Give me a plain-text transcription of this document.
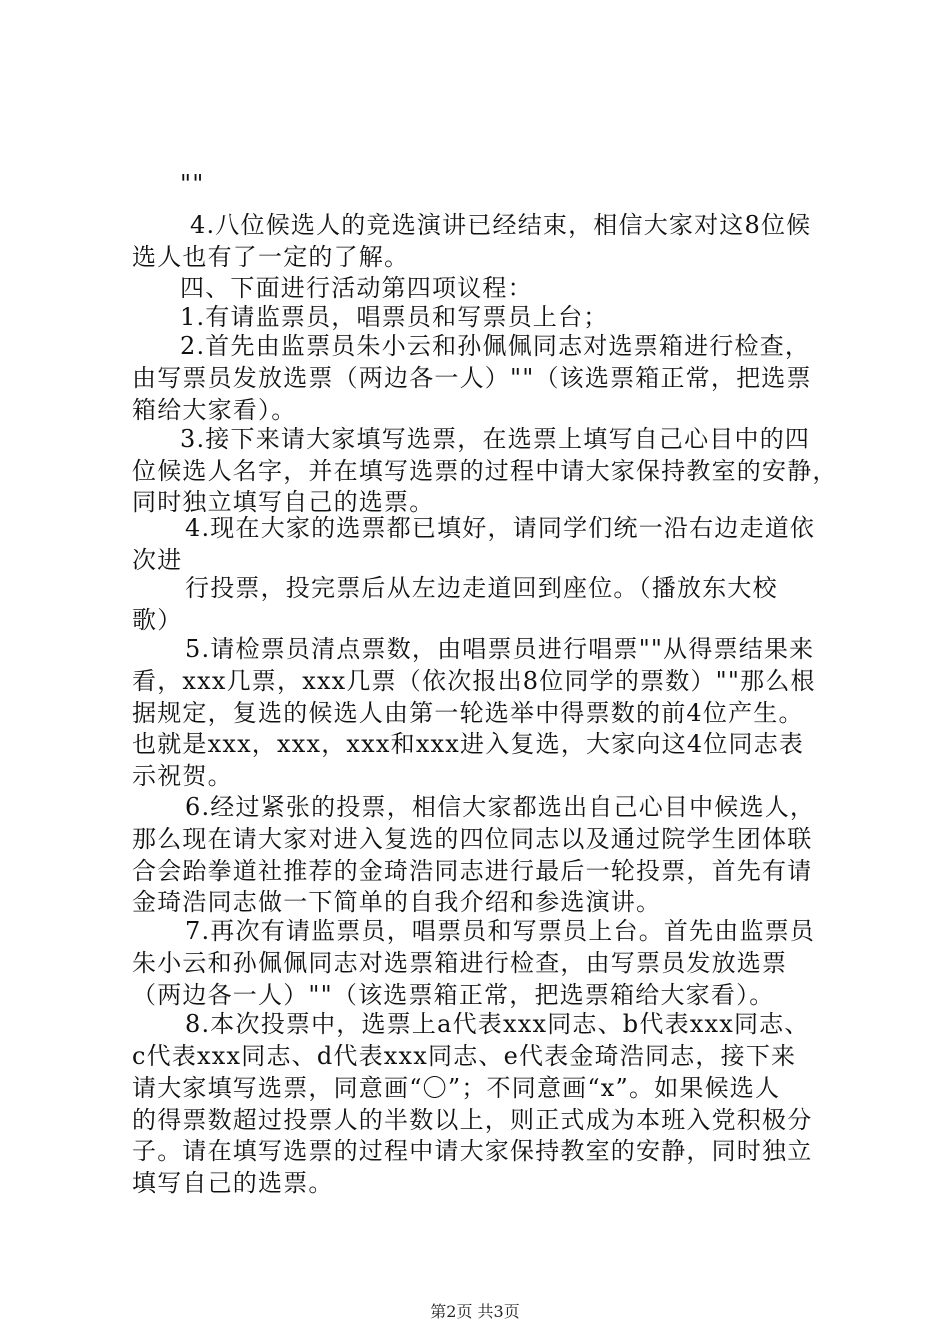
""
4.八位候选人的竞选演讲已经结束，相信大家对这8位候
选人也有了一定的了解。
四、下面进行活动第四项议程：
1.有请监票员，唱票员和写票员上台；
2.首先由监票员朱小云和孙佩佩同志对选票箱进行检查，
由写票员发放选票（两边各一人）""（该选票箱正常，把选票
箱给大家看）。
3.接下来请大家填写选票，在选票上填写自己心目中的四
位候选人名字，并在填写选票的过程中请大家保持教室的安静，
同时独立填写自己的选票。
4.现在大家的选票都已填好，请同学们统一沿右边走道依
次进
行投票，投完票后从左边走道回到座位。（播放东大校
歌）
5.请检票员清点票数，由唱票员进行唱票""从得票结果来
看，xxx几票，xxx几票（依次报出8位同学的票数）""那么根
据规定，复选的候选人由第一轮选举中得票数的前4位产生。
也就是xxx，xxx，xxx和xxx进入复选，大家向这4位同志表
示祝贺。
6.经过紧张的投票，相信大家都选出自己心目中候选人，
那么现在请大家对进入复选的四位同志以及通过院学生团体联
合会跆拳道社推荐的金琦浩同志进行最后一轮投票，首先有请
金琦浩同志做一下简单的自我介绍和参选演讲。
7.再次有请监票员，唱票员和写票员上台。首先由监票员
朱小云和孙佩佩同志对选票箱进行检查，由写票员发放选票
（两边各一人）""（该选票箱正常，把选票箱给大家看）。
8.本次投票中，选票上a代表xxx同志、b代表xxx同志、
c代表xxx同志、d代表xxx同志、e代表金琦浩同志，接下来
请大家填写选票，同意画“〇”；不同意画“x”。如果候选人
的得票数超过投票人的半数以上，则正式成为本班入党积极分
子。请在填写选票的过程中请大家保持教室的安静，同时独立
填写自己的选票。
第2页 共3页
